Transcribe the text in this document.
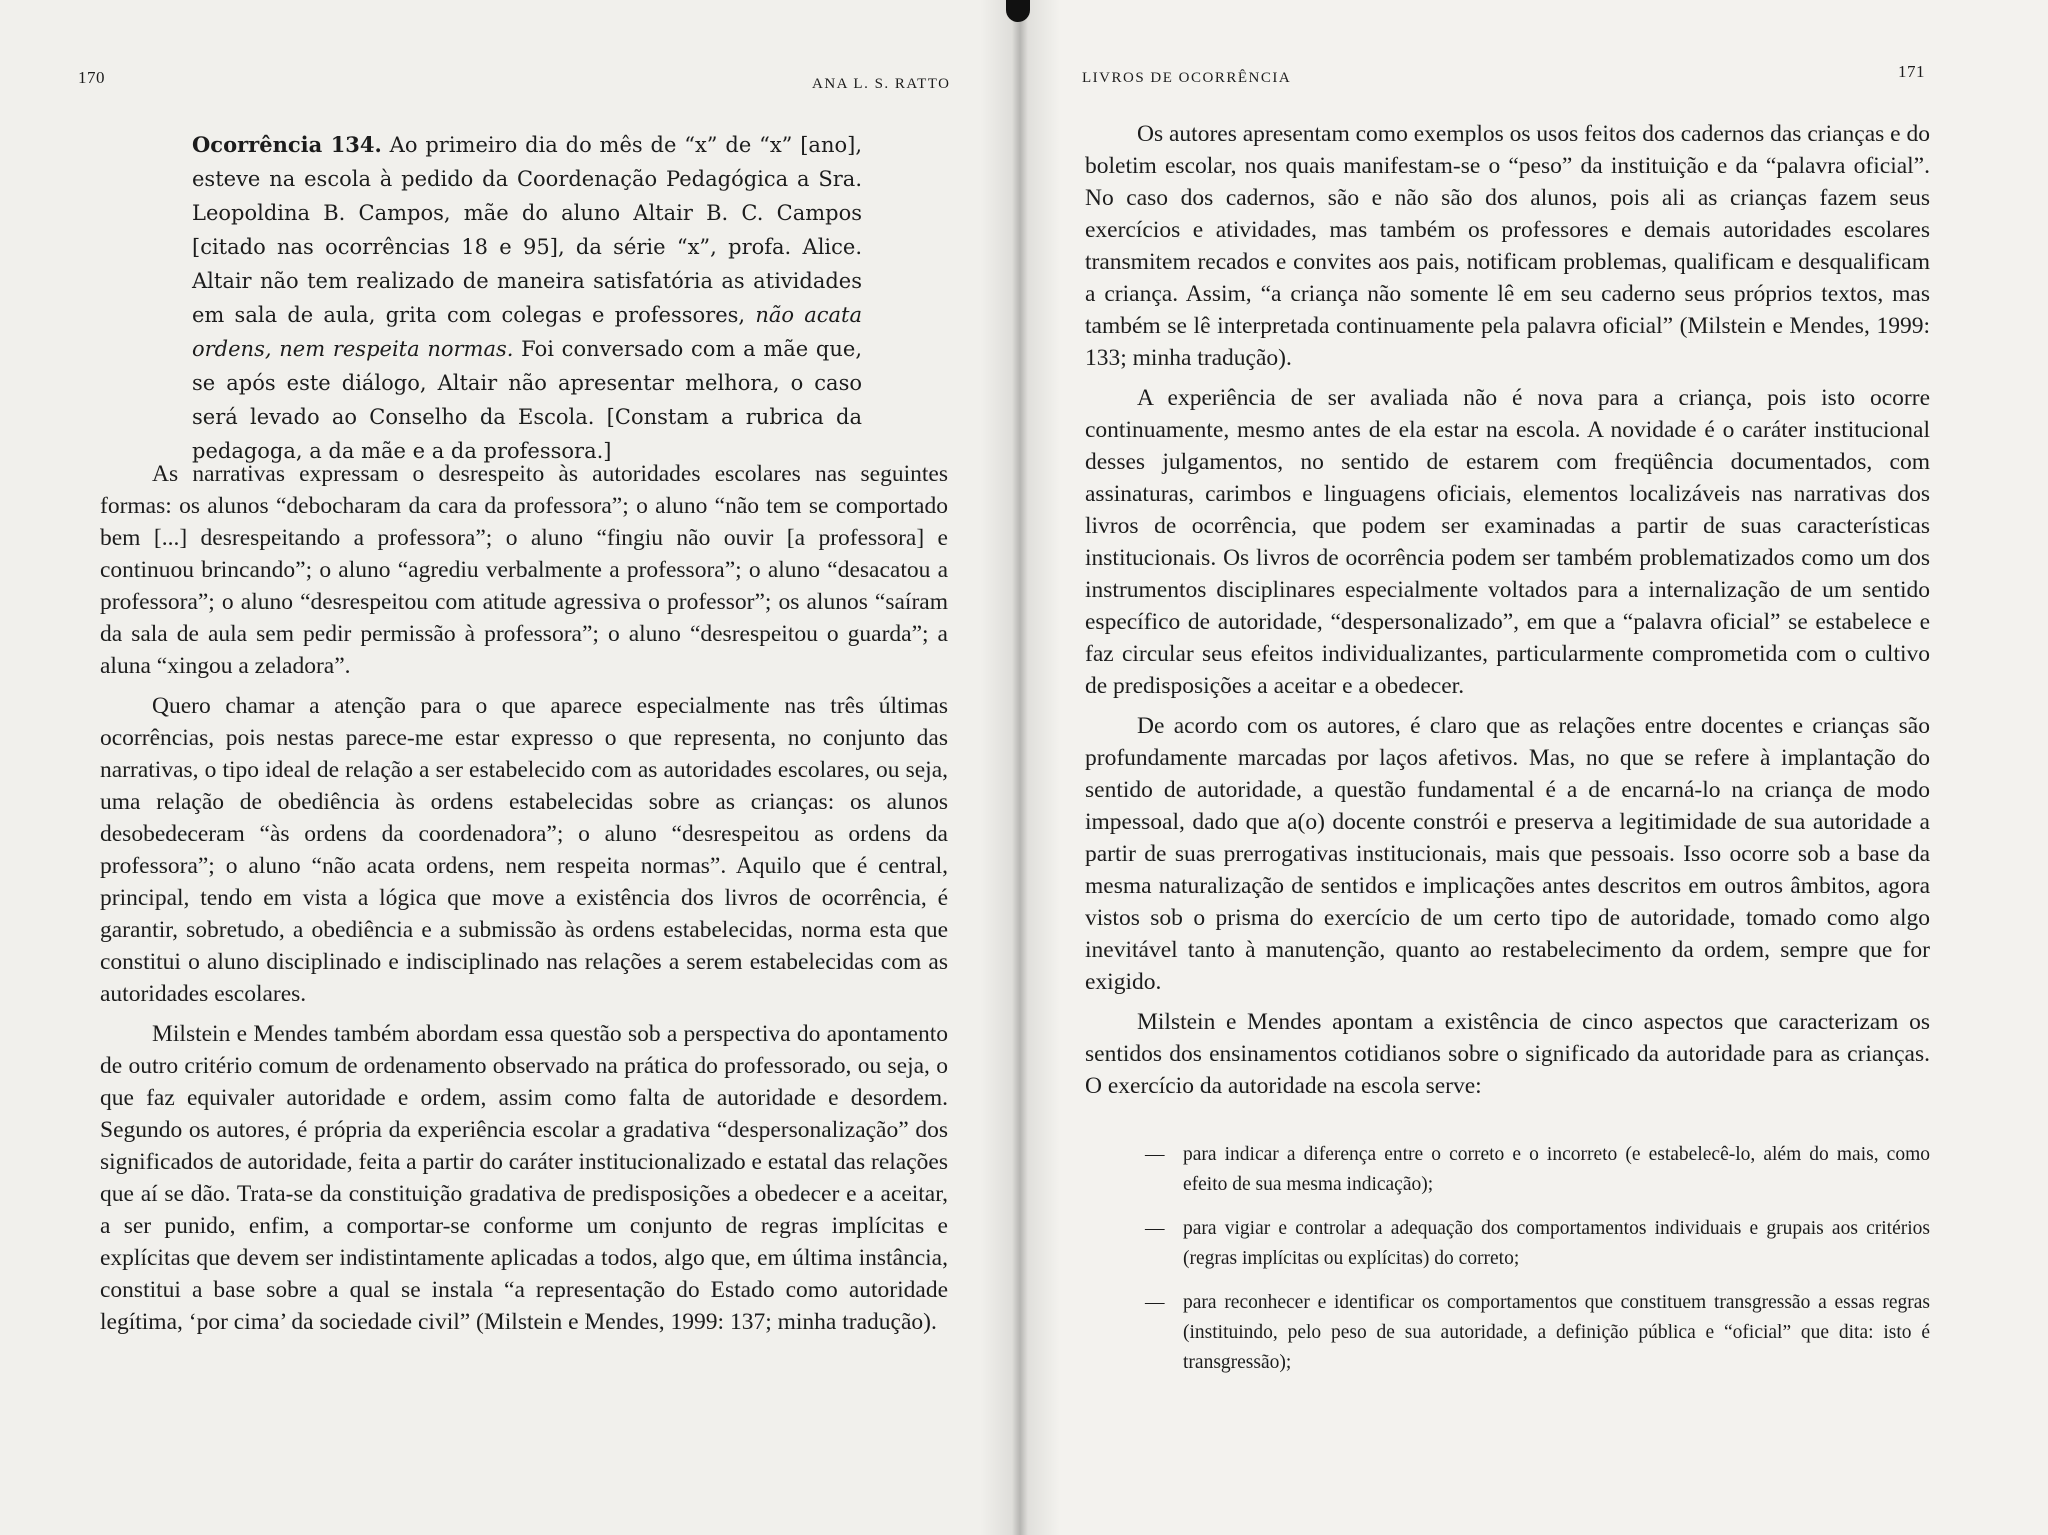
170	ANA L. S. RATTO
Ocorrência 134. Ao primeiro dia do mês de “x” de “x” [ano], esteve na escola à pedido da Coordenação Pedagógica a Sra. Leopoldina B. Campos, mãe do aluno Altair B. C. Campos [citado nas ocorrências 18 e 95], da série “x”, profa. Alice. Altair não tem realizado de maneira satisfatória as atividades em sala de aula, grita com colegas e professores, não acata ordens, nem respeita normas. Foi conversado com a mãe que, se após este diálogo, Altair não apresentar melhora, o caso será levado ao Conselho da Escola. [Constam a rubrica da pedagoga, a da mãe e a da professora.]

As narrativas expressam o desrespeito às autoridades escolares nas seguintes formas: os alunos “debocharam da cara da professora”; o aluno “não tem se comportado bem [...] desrespeitando a professora”; o aluno “fingiu não ouvir [a professora] e continuou brincando”; o aluno “agrediu verbalmente a professora”; o aluno “desacatou a professora”; o aluno “desrespeitou com atitude agressiva o professor”; os alunos “saíram da sala de aula sem pedir permissão à professora”; o aluno “desrespeitou o guarda”; a aluna “xingou a zeladora”.

Quero chamar a atenção para o que aparece especialmente nas três últimas ocorrências, pois nestas parece-me estar expresso o que representa, no conjunto das narrativas, o tipo ideal de relação a ser estabelecido com as autoridades escolares, ou seja, uma relação de obediência às ordens estabelecidas sobre as crianças: os alunos desobedeceram “às ordens da coordenadora”; o aluno “desrespeitou as ordens da professora”; o aluno “não acata ordens, nem respeita normas”. Aquilo que é central, principal, tendo em vista a lógica que move a existência dos livros de ocorrência, é garantir, sobretudo, a obediência e a submissão às ordens estabelecidas, norma esta que constitui o aluno disciplinado e indisciplinado nas relações a serem estabelecidas com as autoridades escolares.

Milstein e Mendes também abordam essa questão sob a perspectiva do apontamento de outro critério comum de ordenamento observado na prática do professorado, ou seja, o que faz equivaler autoridade e ordem, assim como falta de autoridade e desordem. Segundo os autores, é própria da experiência escolar a gradativa “despersonalização” dos significados de autoridade, feita a partir do caráter institucionalizado e estatal das relações que aí se dão. Trata-se da constituição gradativa de predisposições a obedecer e a aceitar, a ser punido, enfim, a comportar-se conforme um conjunto de regras implícitas e explícitas que devem ser indistintamente aplicadas a todos, algo que, em última instância, constitui a base sobre a qual se instala “a representação do Estado como autoridade legítima, ‘por cima’ da sociedade civil” (Milstein e Mendes, 1999: 137; minha tradução).

LIVROS DE OCORRÊNCIA	171

Os autores apresentam como exemplos os usos feitos dos cadernos das crianças e do boletim escolar, nos quais manifestam-se o “peso” da instituição e da “palavra oficial”. No caso dos cadernos, são e não são dos alunos, pois ali as crianças fazem seus exercícios e atividades, mas também os professores e demais autoridades escolares transmitem recados e convites aos pais, notificam problemas, qualificam e desqualificam a criança. Assim, “a criança não somente lê em seu caderno seus próprios textos, mas também se lê interpretada continuamente pela palavra oficial” (Milstein e Mendes, 1999: 133; minha tradução).

A experiência de ser avaliada não é nova para a criança, pois isto ocorre continuamente, mesmo antes de ela estar na escola. A novidade é o caráter institucional desses julgamentos, no sentido de estarem com freqüência documentados, com assinaturas, carimbos e linguagens oficiais, elementos localizáveis nas narrativas dos livros de ocorrência, que podem ser examinadas a partir de suas características institucionais. Os livros de ocorrência podem ser também problematizados como um dos instrumentos disciplinares especialmente voltados para a internalização de um sentido específico de autoridade, “despersonalizado”, em que a “palavra oficial” se estabelece e faz circular seus efeitos individualizantes, particularmente comprometida com o cultivo de predisposições a aceitar e a obedecer.

De acordo com os autores, é claro que as relações entre docentes e crianças são profundamente marcadas por laços afetivos. Mas, no que se refere à implantação do sentido de autoridade, a questão fundamental é a de encarná-lo na criança de modo impessoal, dado que a(o) docente constrói e preserva a legitimidade de sua autoridade a partir de suas prerrogativas institucionais, mais que pessoais. Isso ocorre sob a base da mesma naturalização de sentidos e implicações antes descritos em outros âmbitos, agora vistos sob o prisma do exercício de um certo tipo de autoridade, tomado como algo inevitável tanto à manutenção, quanto ao restabelecimento da ordem, sempre que for exigido.

Milstein e Mendes apontam a existência de cinco aspectos que caracterizam os sentidos dos ensinamentos cotidianos sobre o significado da autoridade para as crianças. O exercício da autoridade na escola serve:

— para indicar a diferença entre o correto e o incorreto (e estabelecê-lo, além do mais, como efeito de sua mesma indicação);
— para vigiar e controlar a adequação dos comportamentos individuais e grupais aos critérios (regras implícitas ou explícitas) do correto;
— para reconhecer e identificar os comportamentos que constituem transgressão a essas regras (instituindo, pelo peso de sua autoridade, a definição pública e “oficial” que dita: isto é transgressão);
